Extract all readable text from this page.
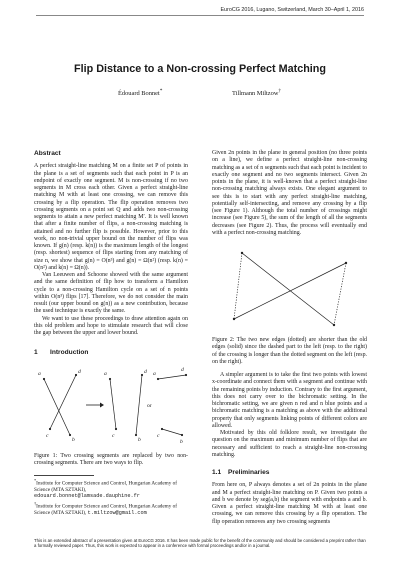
EuroCG 2016, Lugano, Switzerland, March 30–April 1, 2016
Flip Distance to a Non-crossing Perfect Matching
Édouard Bonnet*	Tillmann Miltzow†
Abstract

A perfect straight-line matching M on a finite set P of points in the plane is a set of segments such that each point in P is an endpoint of exactly one segment. M is non-crossing if no two segments in M cross each other. Given a perfect straight-line matching M with at least one crossing, we can remove this crossing by a flip operation. The flip operation removes two crossing segments on a point set Q and adds two non-crossing segments to attain a new perfect matching M′. It is well known that after a finite number of flips, a non-crossing matching is attained and no further flip is possible. However, prior to this work, no non-trivial upper bound on the number of flips was known. If g(n) (resp. k(n)) is the maximum length of the longest (resp. shortest) sequence of flips starting from any matching of size n, we show that g(n) = O(n³) and g(n) = Ω(n²) (resp. k(n) = O(n²) and k(n) = Ω(n)).

Van Leeuwen and Schoone showed with the same argument and the same definition of flip how to transform a Hamilton cycle to a non-crossing Hamilton cycle on a set of n points within O(n³) flips [17]. Therefore, we do not consider the main result (our upper bound on g(n)) as a new contribution, because the used technique is exactly the same.

We want to use these proceedings to draw attention again on this old problem and hope to stimulate research that will close the gap between the upper and lower bound.

1 Introduction
a	d
c
b
a	d
c
b
or
a
d
c
b

Figure 1: Two crossing segments are replaced by two non-crossing segments. There are two ways to flip.

*Institute for Computer Science and Control, Hungarian Academy of Science (MTA SZTAKI), edouard.bonnet@lamsade.dauphine.fr

†Institute for Computer Science and Control, Hungarian Academy of Science (MTA SZTAKI), t.miltzow@gmail.com

Given 2n points in the plane in general position (no three points on a line), we define a perfect straight-line non-crossing matching as a set of n segments such that each point is incident to exactly one segment and no two segments intersect. Given 2n points in the plane, it is well-known that a perfect straight-line non-crossing matching always exists. One elegant argument to see this is to start with any perfect straight-line matching, potentially self-intersecting, and remove any crossing by a flip (see Figure 1). Although the total number of crossings might increase (see Figure 5), the sum of the length of all the segments decreases (see Figure 2). Thus, the process will eventually end with a perfect non-crossing matching.

Figure 2: The two new edges (dotted) are shorter than the old edges (solid) since the dashed part to the left (resp. to the right) of the crossing is longer than the dotted segment on the left (resp. on the right).

A simpler argument is to take the first two points with lowest x-coordinate and connect them with a segment and continue with the remaining points by induction. Contrary to the first argument, this does not carry over to the bichromatic setting. In the bichromatic setting, we are given n red and n blue points and a bichromatic matching is a matching as above with the additional property that only segments linking points of different colors are allowed.

Motivated by this old folklore result, we investigate the question on the maximum and minimum number of flips that are necessary and sufficient to reach a straight-line non-crossing matching.

1.1 Preliminaries

From here on, P always denotes a set of 2n points in the plane and M a perfect straight-line matching on P. Given two points a and b we denote by seg(a,b) the segment with endpoints a and b. Given a perfect straight-line matching M with at least one crossing, we can remove this crossing by a flip operation. The flip operation removes any two crossing segments

This is an extended abstract of a presentation given at EuroCG 2016. It has been made public for the benefit of the community and should be considered a preprint rather than a formally reviewed paper. Thus, this work is expected to appear in a conference with formal proceedings and/or in a journal.
